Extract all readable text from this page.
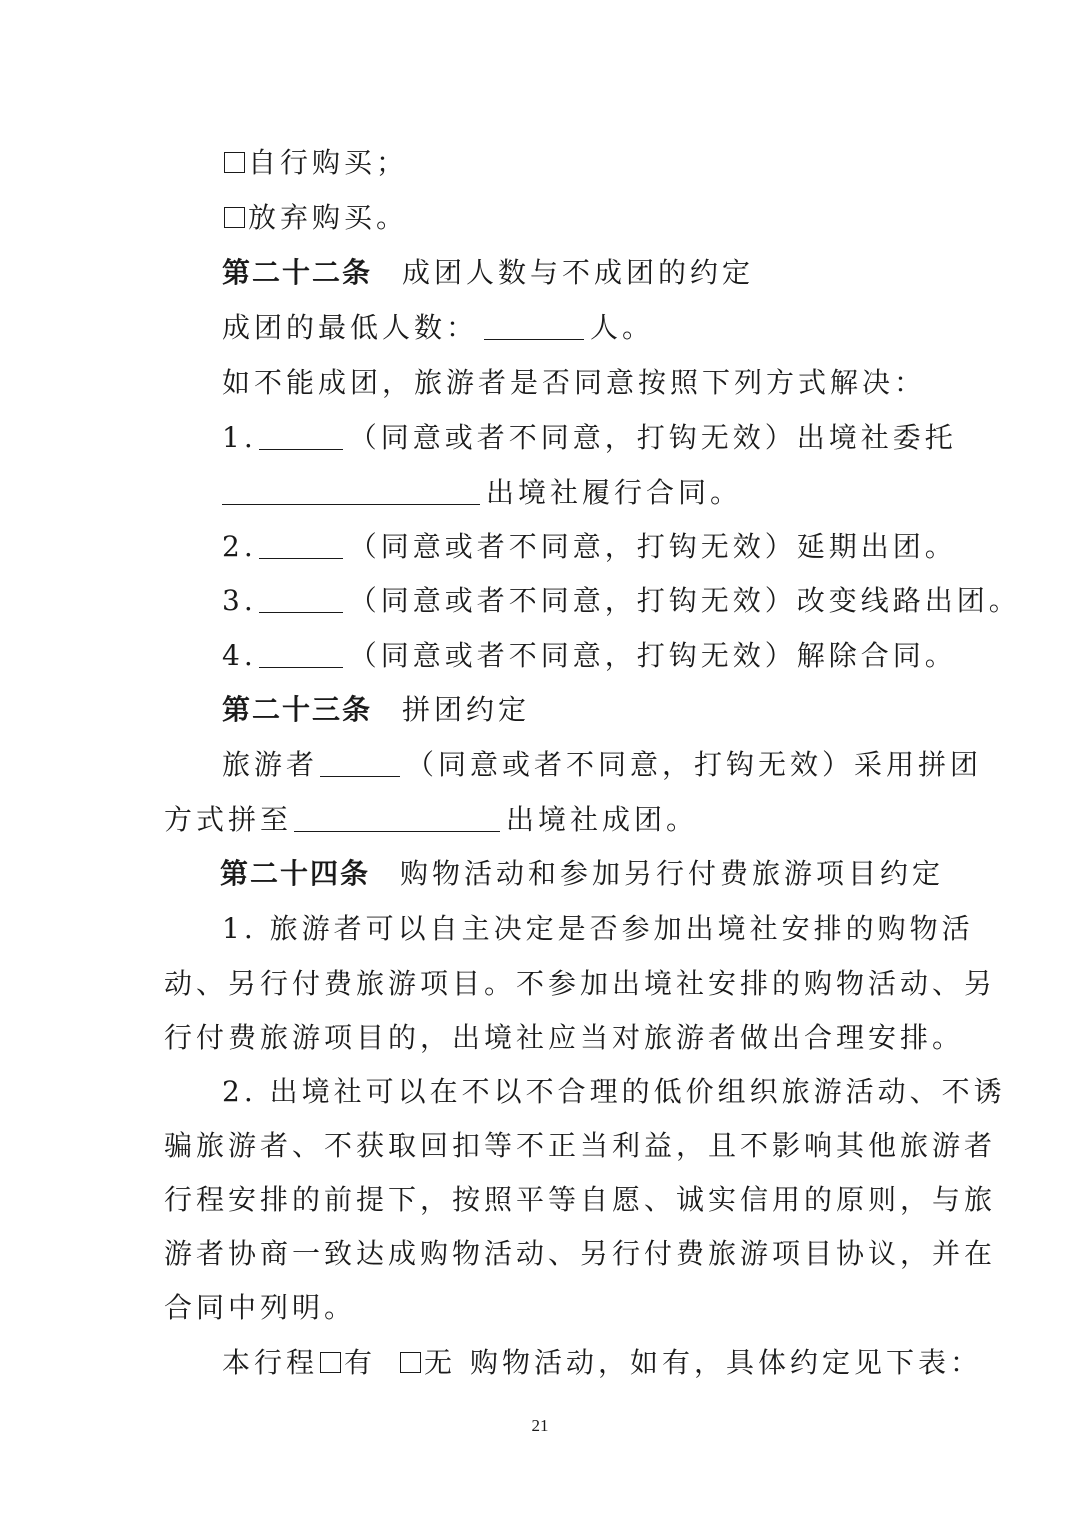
自行购买；
放弃购买。
第二十二条 成团人数与不成团的约定
成团的最低人数：	人。
如不能成团，旅游者是否同意按照下列方式解决：
1.	（同意或者不同意，打钩无效）出境社委托
出境社履行合同。
2.	（同意或者不同意，打钩无效）延期出团。
3.	（同意或者不同意，打钩无效）改变线路出团。
4.	（同意或者不同意，打钩无效）解除合同。
第二十三条 拼团约定
旅游者	（同意或者不同意，打钩无效）采用拼团
方式拼至	出境社成团。
第二十四条 购物活动和参加另行付费旅游项目约定
1. 旅游者可以自主决定是否参加出境社安排的购物活
动、另行付费旅游项目。不参加出境社安排的购物活动、另
行付费旅游项目的，出境社应当对旅游者做出合理安排。
2. 出境社可以在不以不合理的低价组织旅游活动、不诱
骗旅游者、不获取回扣等不正当利益，且不影响其他旅游者
行程安排的前提下，按照平等自愿、诚实信用的原则，与旅
游者协商一致达成购物活动、另行付费旅游项目协议，并在
合同中列明。
本行程 有 无 购物活动，如有，具体约定见下表：
21
